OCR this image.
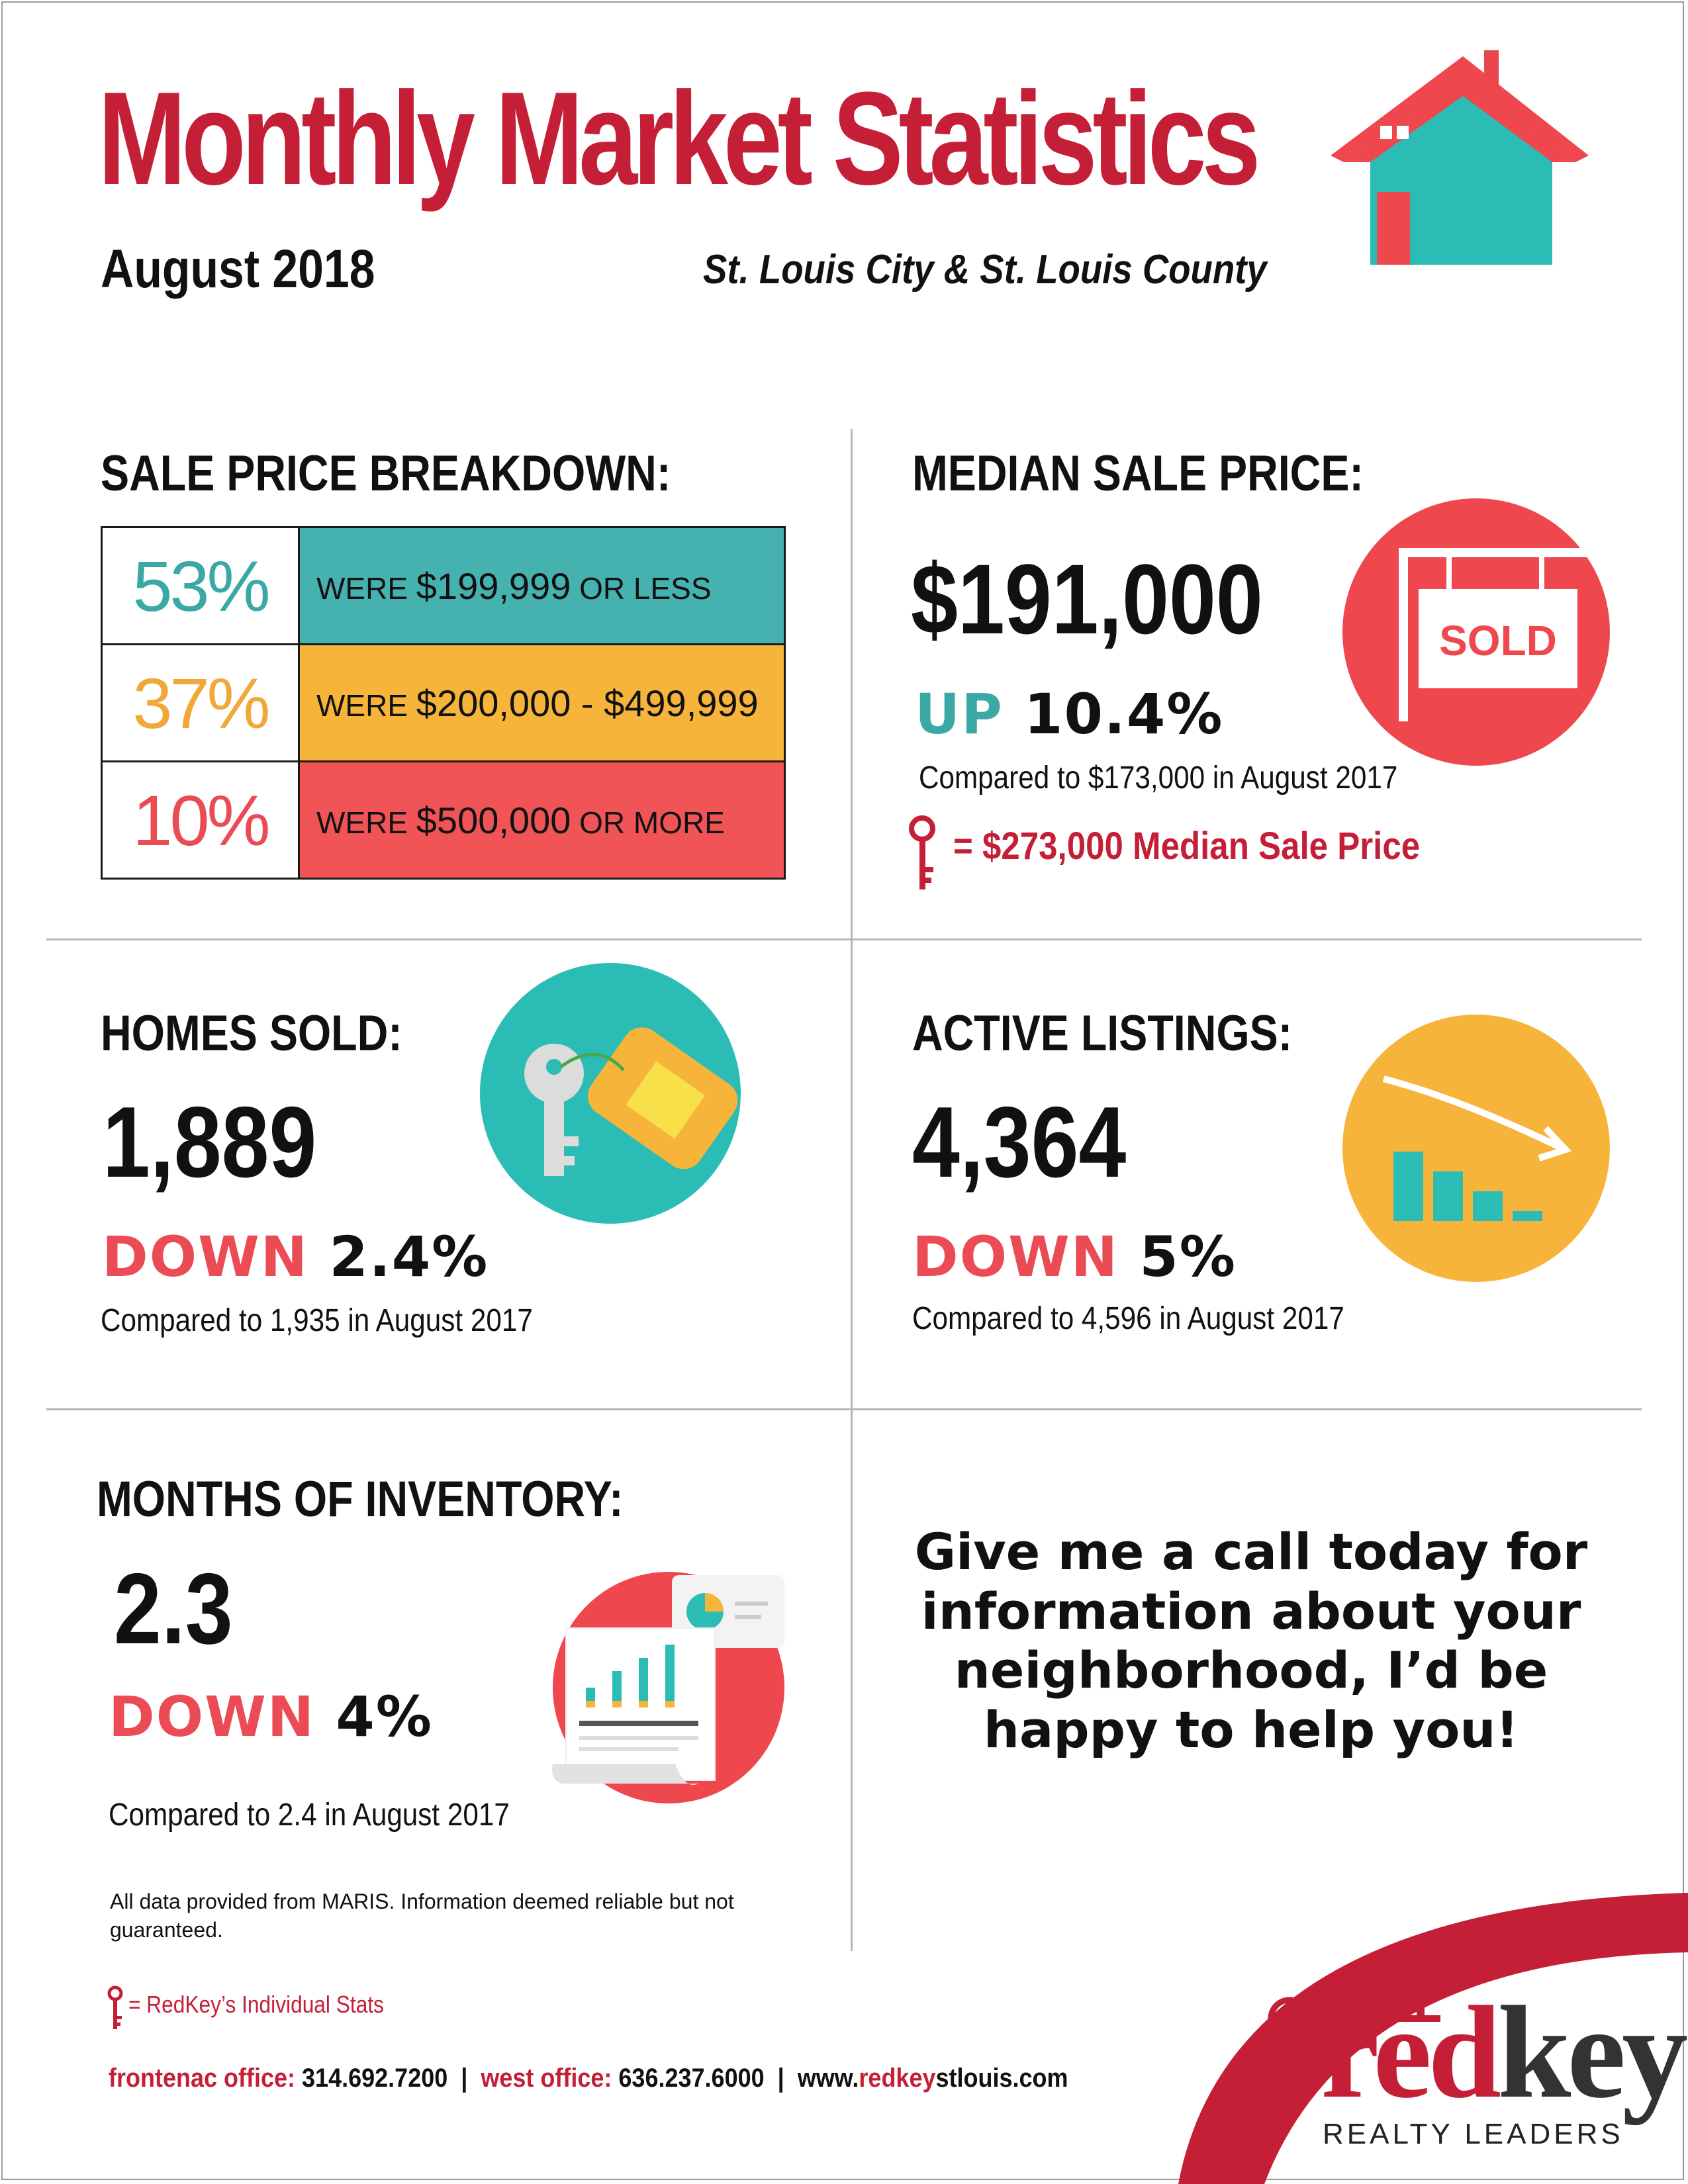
Monthly Market Statistics
August 2018	St. Louis City & St. Louis County
SALE PRICE BREAKDOWN:
53%	WERE $199,999 OR LESS
37%	WERE $200,000 - $499,999
10%	WERE $500,000 OR MORE
MEDIAN SALE PRICE:
$191,000
UP 10.4%
Compared to $173,000 in August 2017
= $273,000 Median Sale Price
SOLD
HOMES SOLD:
1,889
DOWN 2.4%
Compared to 1,935 in August 2017
ACTIVE LISTINGS:
4,364
DOWN 5%
Compared to 4,596 in August 2017
MONTHS OF INVENTORY:
2.3
DOWN 4%
Compared to 2.4 in August 2017
Give me a call today for information about your neighborhood, I’d be happy to help you!
All data provided from MARIS. Information deemed reliable but not guaranteed.
= RedKey’s Individual Stats
frontenac office: 314.692.7200 | west office: 636.237.6000 | www.redkeystlouis.com redkey
REALTY LEADERS
